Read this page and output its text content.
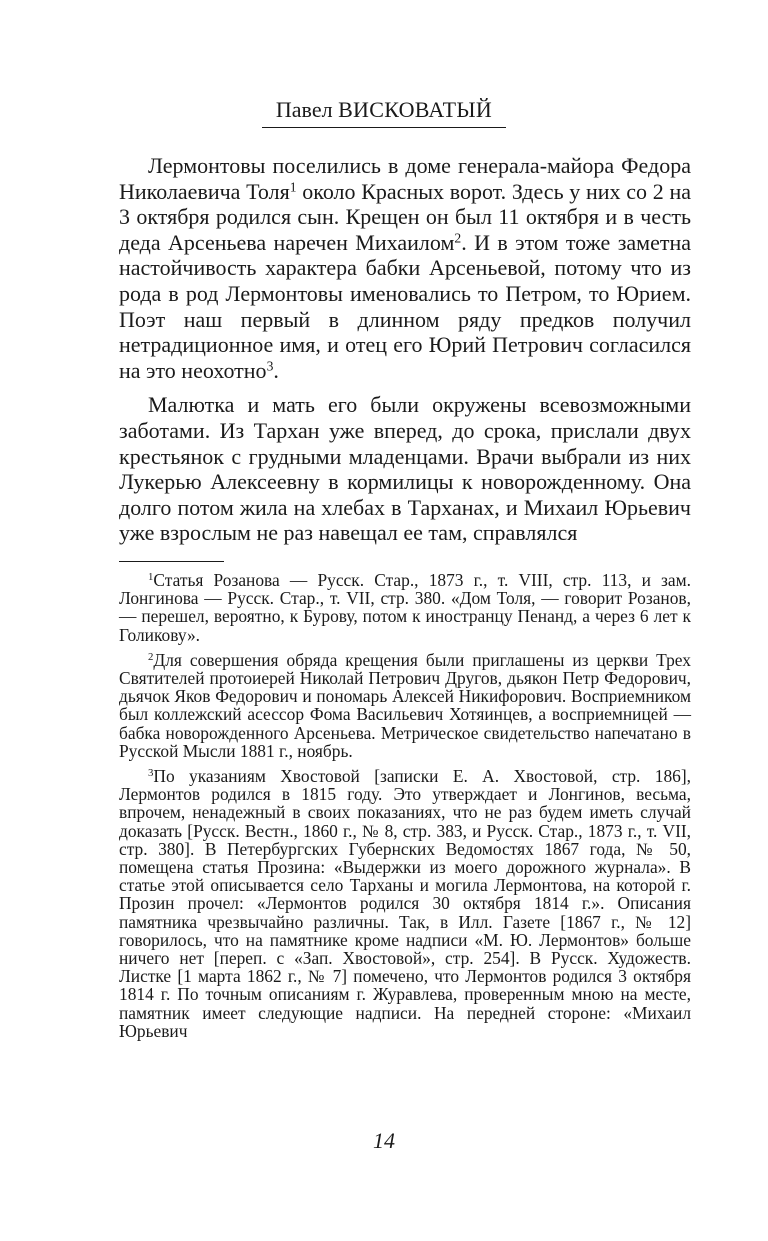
Павел ВИСКОВАТЫЙ

Лермонтовы поселились в доме генерала-майора Федора Николаевича Толя$^1$ около Красных ворот. Здесь у них со 2 на 3 октября родился сын. Крещен он был 11 октября и в честь деда Арсеньева наречен Михаилом$^2$. И в этом тоже заметна настойчивость характера бабки Арсеньевой, потому что из рода в род Лермонтовы именовались то Петром, то Юрием. Поэт наш первый в длинном ряду предков получил нетрадиционное имя, и отец его Юрий Петрович согласился на это неохотно$^3$.

Малютка и мать его были окружены всевозможными заботами. Из Тархан уже вперед, до срока, прислали двух крестьянок с грудными младенцами. Врачи выбрали из них Лукерью Алексеевну в кормилицы к новорожденному. Она долго потом жила на хлебах в Тарханах, и Михаил Юрьевич уже взрослым не раз навещал ее там, справлялся

$^1$Статья Розанова — Русск. Стар., 1873 г., т. VIII, стр. 113, и зам. Лонгинова — Русск. Стар., т. VII, стр. 380. «Дом Толя, — говорит Розанов, — перешел, вероятно, к Бурову, потом к иностранцу Пенанд, а через 6 лет к Голикову».

$^2$Для совершения обряда крещения были приглашены из церкви Трех Святителей протоиерей Николай Петрович Другов, дьякон Петр Федорович, дьячок Яков Федорович и пономарь Алексей Никифорович. Восприемником был коллежский асессор Фома Васильевич Хотяинцев, а восприемницей — бабка новорожденного Арсеньева. Метрическое свидетельство напечатано в Русской Мысли 1881 г., ноябрь.

$^3$По указаниям Хвостовой [записки Е. А. Хвостовой, стр. 186], Лермонтов родился в 1815 году. Это утверждает и Лонгинов, весьма, впрочем, ненадежный в своих показаниях, что не раз будем иметь случай доказать [Русск. Вестн., 1860 г., № 8, стр. 383, и Русск. Стар., 1873 г., т. VII, стр. 380]. В Петербургских Губернских Ведомостях 1867 года, № 50, помещена статья Прозина: «Выдержки из моего дорожного журнала». В статье этой описывается село Тарханы и могила Лермонтова, на которой г. Прозин прочел: «Лермонтов родился 30 октября 1814 г.». Описания памятника чрезвычайно различны. Так, в Илл. Газете [1867 г., № 12] говорилось, что на памятнике кроме надписи «М. Ю. Лермонтов» больше ничего нет [переп. с «Зап. Хвостовой», стр. 254]. В Русск. Художеств. Листке [1 марта 1862 г., № 7] помечено, что Лермонтов родился 3 октября 1814 г. По точным описаниям г. Журавлева, проверенным мною на месте, памятник имеет следующие надписи. На передней стороне: «Михаил Юрьевич

14
